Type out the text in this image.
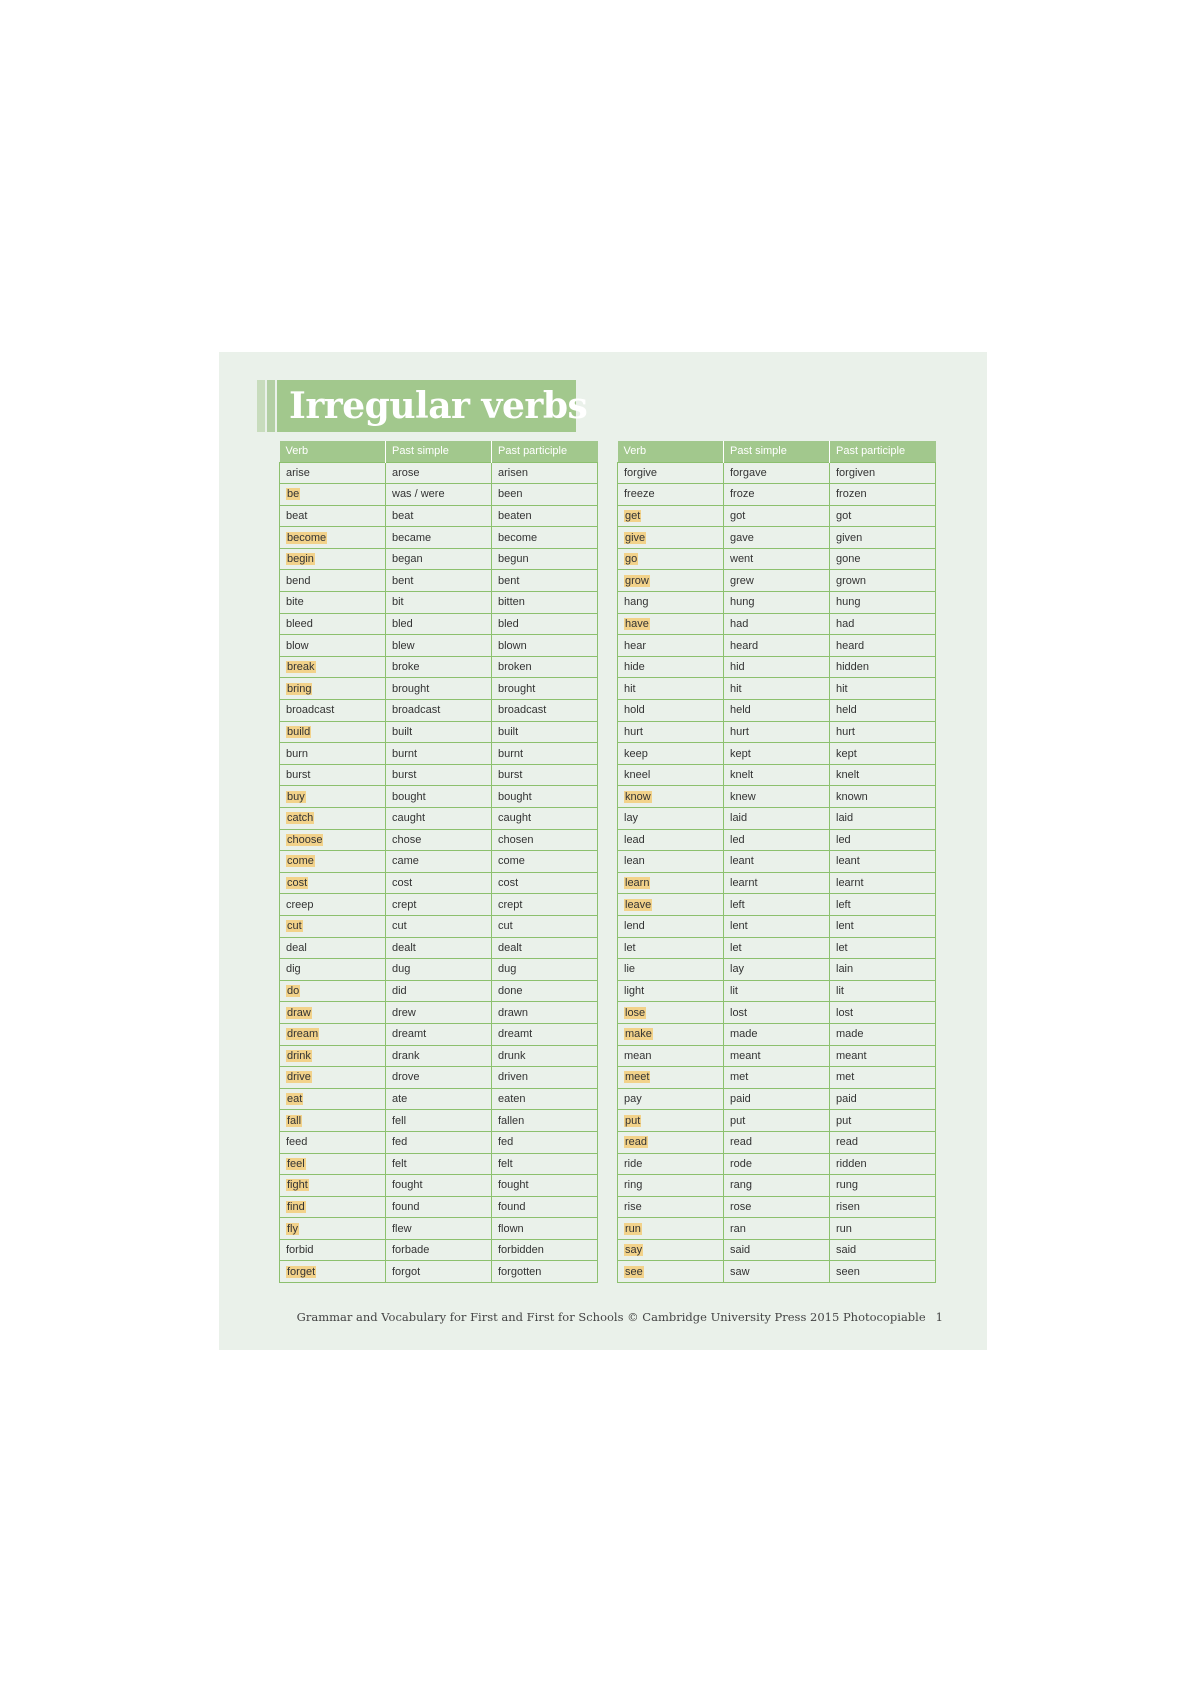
Irregular verbs
Verb	Past simple	Past participle
arise	arose	arisen
be	was / were	been
beat	beat	beaten
become	became	become
begin	began	begun
bend	bent	bent
bite	bit	bitten
bleed	bled	bled
blow	blew	blown
break	broke	broken
bring	brought	brought
broadcast	broadcast	broadcast
build	built	built
burn	burnt	burnt
burst	burst	burst
buy	bought	bought
catch	caught	caught
choose	chose	chosen
come	came	come
cost	cost	cost
creep	crept	crept
cut	cut	cut
deal	dealt	dealt
dig	dug	dug
do	did	done
draw	drew	drawn
dream	dreamt	dreamt
drink	drank	drunk
drive	drove	driven
eat	ate	eaten
fall	fell	fallen
feed	fed	fed
feel	felt	felt
fight	fought	fought
find	found	found
fly	flew	flown
forbid	forbade	forbidden
forget	forgot	forgotten
Verb	Past simple	Past participle
forgive	forgave	forgiven
freeze	froze	frozen
get	got	got
give	gave	given
go	went	gone
grow	grew	grown
hang	hung	hung
have	had	had
hear	heard	heard
hide	hid	hidden
hit	hit	hit
hold	held	held
hurt	hurt	hurt
keep	kept	kept
kneel	knelt	knelt
know	knew	known
lay	laid	laid
lead	led	led
lean	leant	leant
learn	learnt	learnt
leave	left	left
lend	lent	lent
let	let	let
lie	lay	lain
light	lit	lit
lose	lost	lost
make	made	made
mean	meant	meant
meet	met	met
pay	paid	paid
put	put	put
read	read	read
ride	rode	ridden
ring	rang	rung
rise	rose	risen
run	ran	run
say	said	said
see	saw	seen
Grammar and Vocabulary for First and First for Schools © Cambridge University Press 2015 Photocopiable 1
